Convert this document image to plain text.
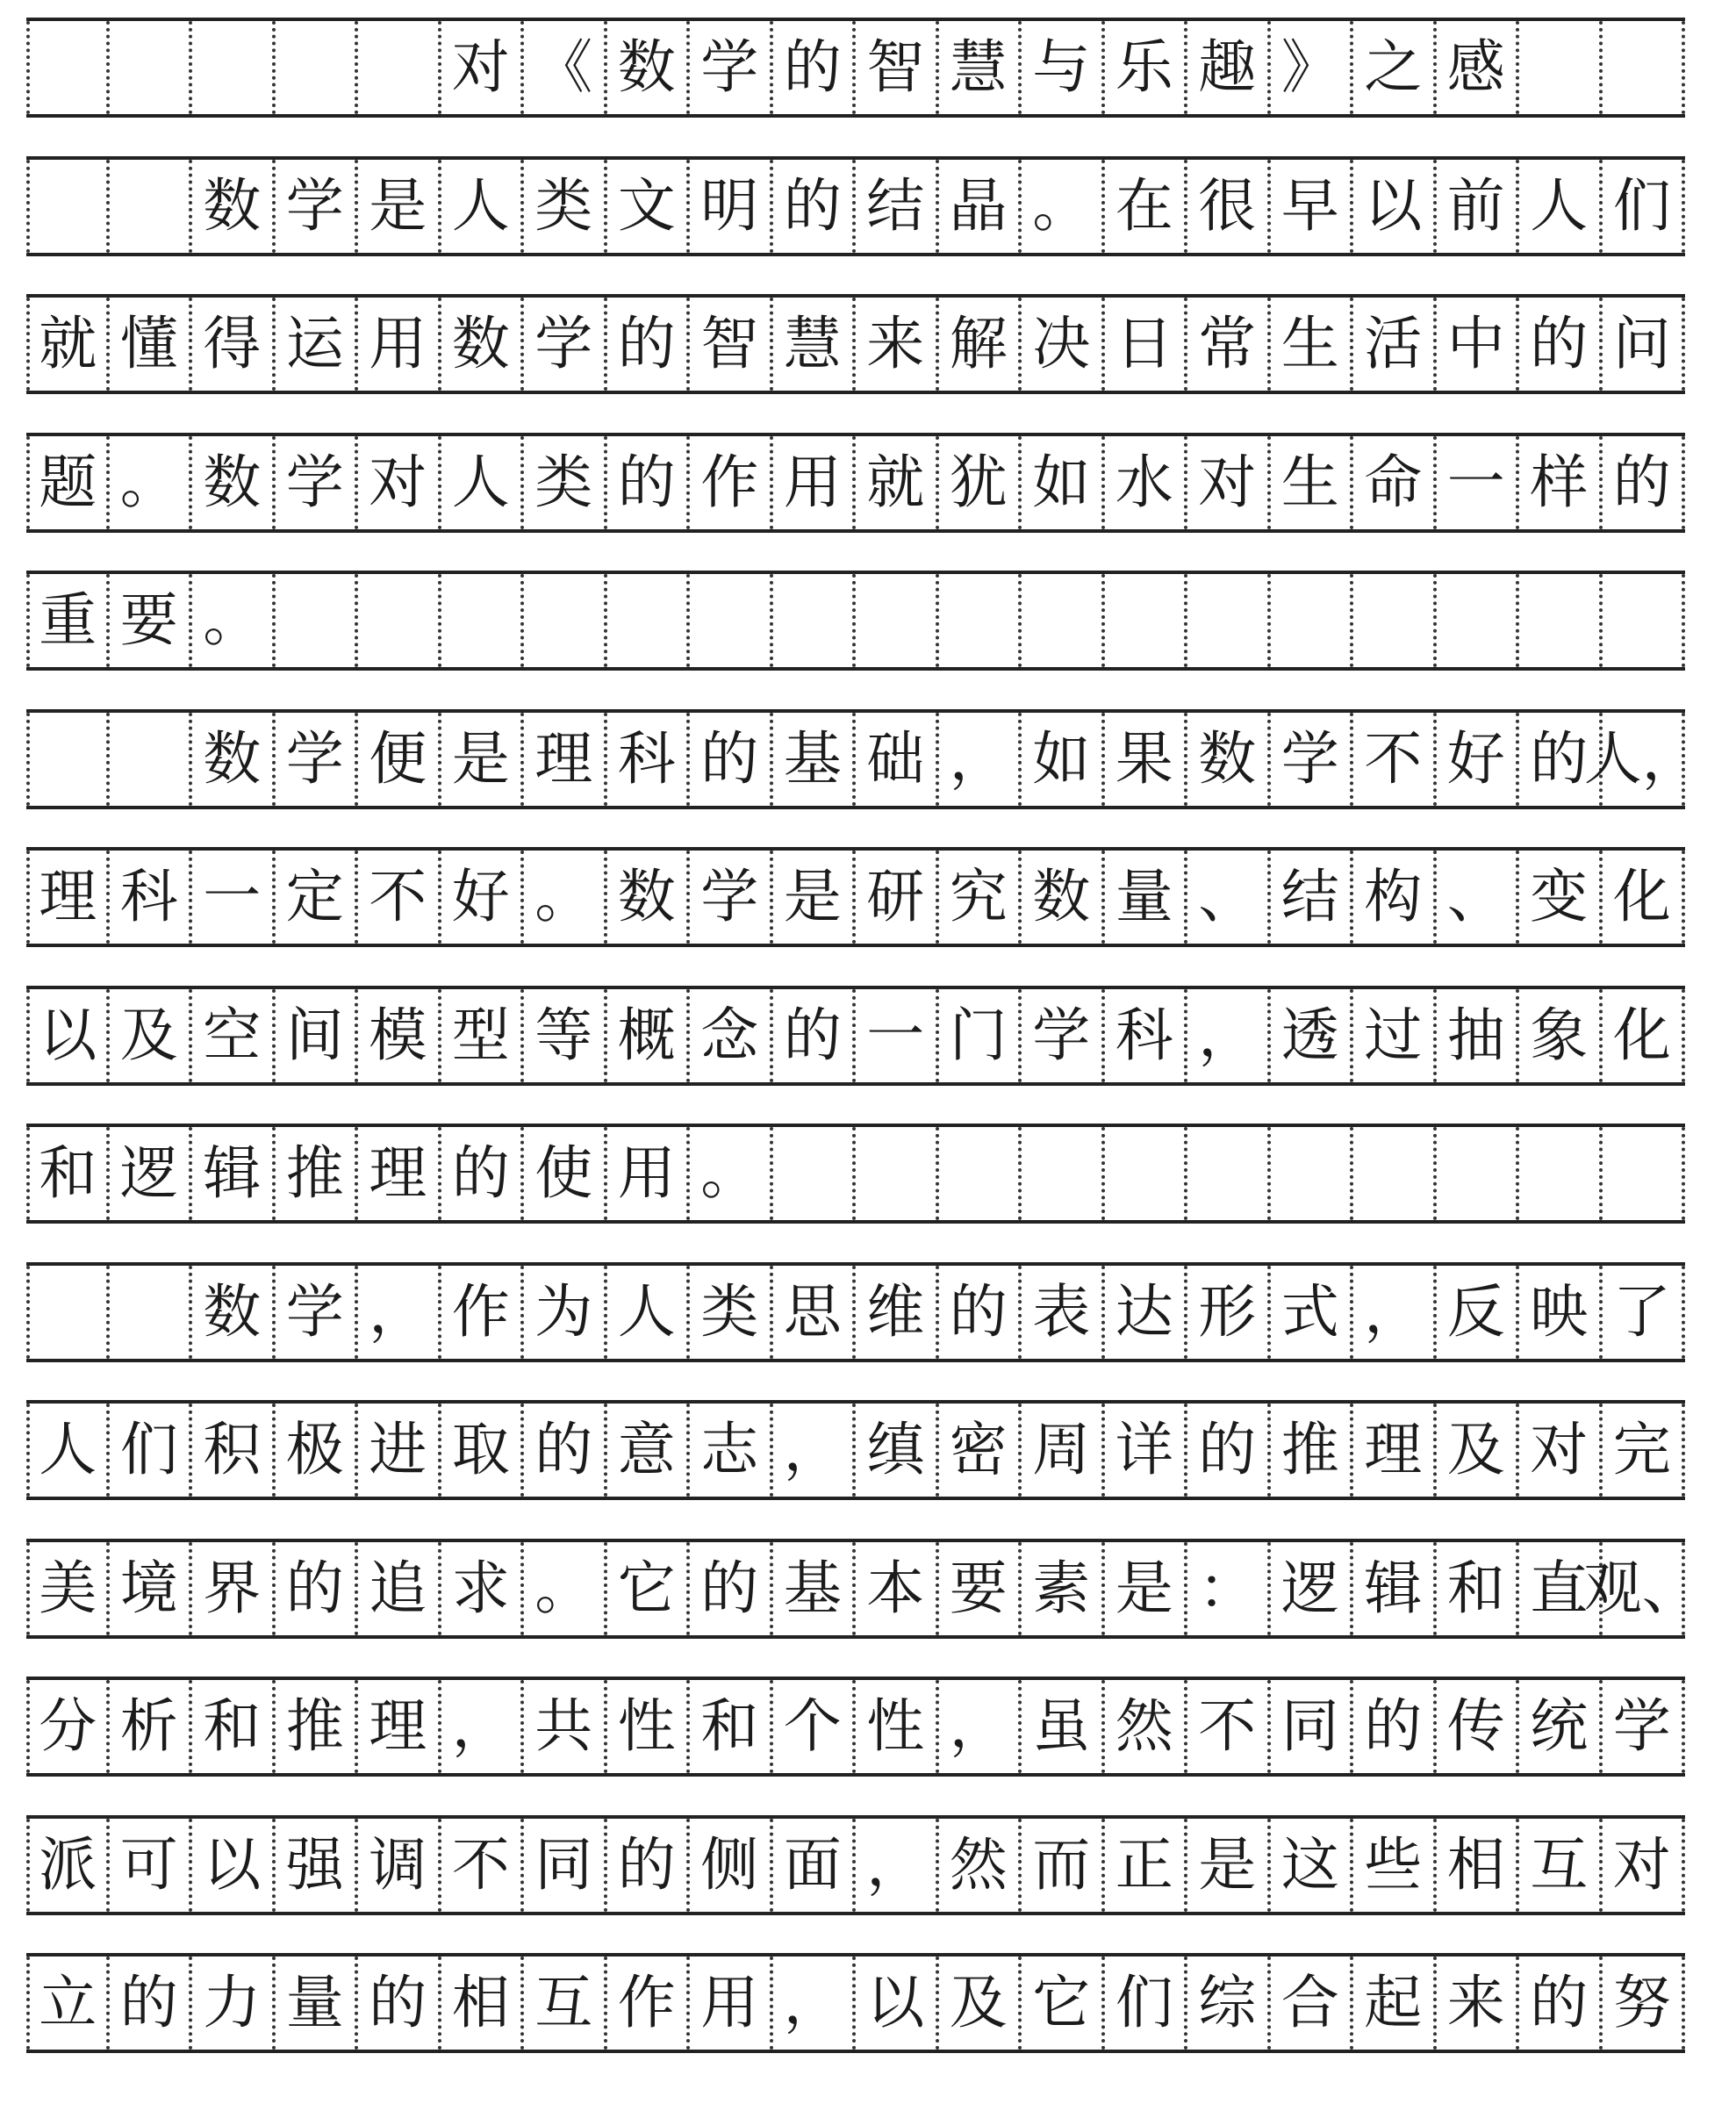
对 《 数 学 的 智 慧 与 乐 趣 》 之 感
数 学 是 人 类 文 明 的 结 晶 。 在 很 早 以 前 人 们
就 懂 得 运 用 数 学 的 智 慧 来 解 决 日 常 生 活 中 的 问
题 。 数 学 对 人 类 的 作 用 就 犹 如 水 对 生 命 一 样 的
重 要 。
数 学 便 是 理 科 的 基 础 ， 如 果 数 学 不 好 的
人，
理 科 一 定 不 好 。 数 学 是 研 究 数 量 、 结 构 、 变 化
以 及 空 间 模 型 等 概 念 的 一 门 学 科 ， 透 过 抽 象 化
和 逻 辑 推 理 的 使 用 。
数 学 ， 作 为 人 类 思 维 的 表 达 形 式 ， 反 映 了
人 们 积 极 进 取 的 意 志 ， 缜 密 周 详 的 推 理 及 对 完
美 境 界 的 追 求 。 它 的 基 本 要 素 是 ： 逻 辑 和 直
观、
分 析 和 推 理 ， 共 性 和 个 性 ， 虽 然 不 同 的 传 统 学
派 可 以 强 调 不 同 的 侧 面 ， 然 而 正 是 这 些 相 互 对
立 的 力 量 的 相 互 作 用 ， 以 及 它 们 综 合 起 来 的 努
